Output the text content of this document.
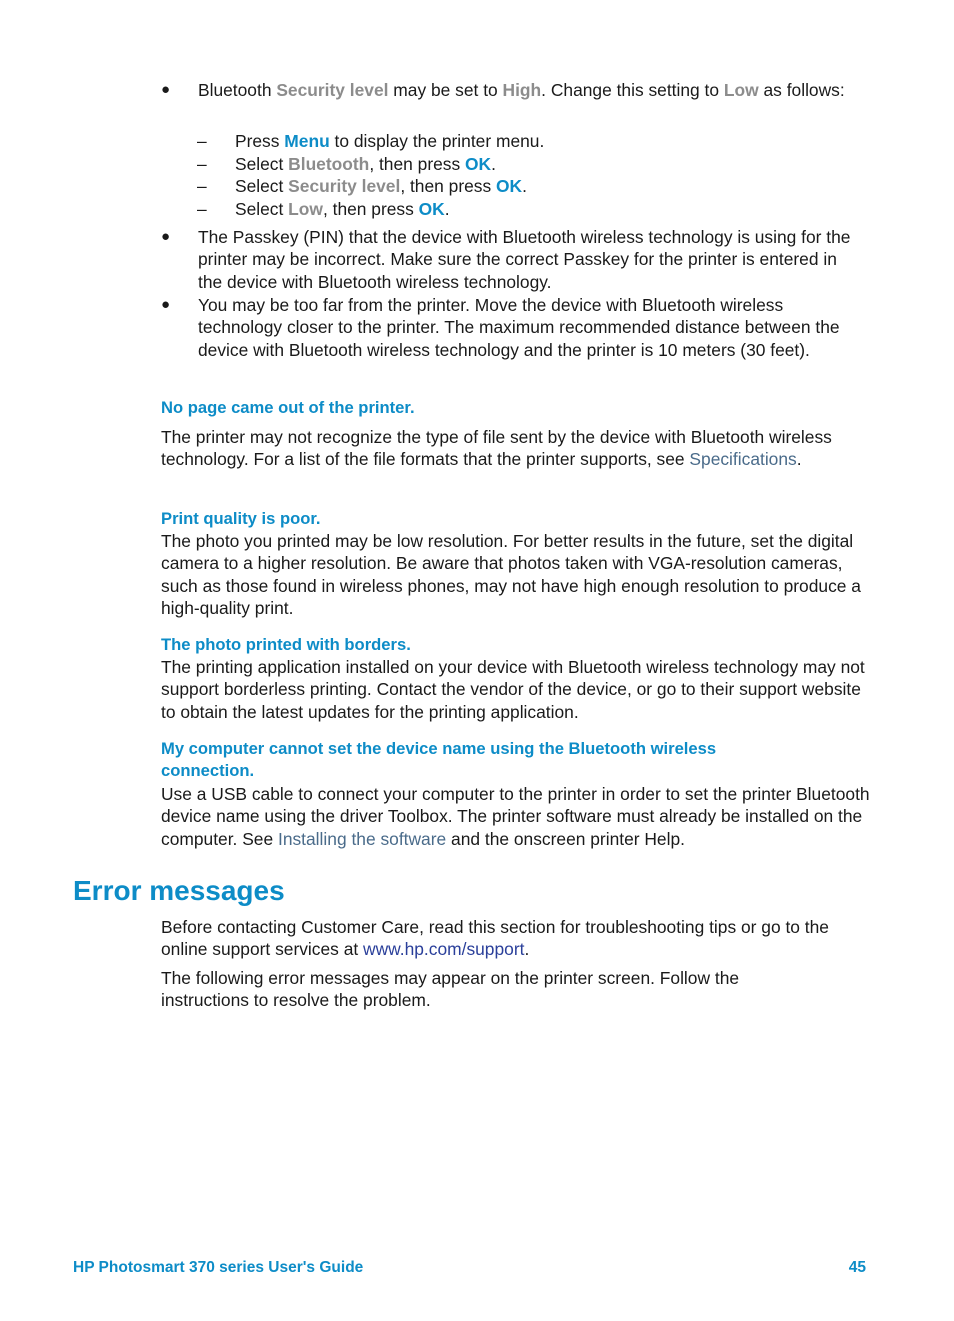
● Bluetooth Security level may be set to High. Change this setting to Low as follows:

– Press Menu to display the printer menu.

– Select Bluetooth, then press OK.

– Select Security level, then press OK.

– Select Low, then press OK.

● The Passkey (PIN) that the device with Bluetooth wireless technology is using for the printer may be incorrect. Make sure the correct Passkey for the printer is entered in the device with Bluetooth wireless technology.

● You may be too far from the printer. Move the device with Bluetooth wireless technology closer to the printer. The maximum recommended distance between the device with Bluetooth wireless technology and the printer is 10 meters (30 feet).

No page came out of the printer.

The printer may not recognize the type of file sent by the device with Bluetooth wireless technology. For a list of the file formats that the printer supports, see Specifications.

Print quality is poor.

The photo you printed may be low resolution. For better results in the future, set the digital camera to a higher resolution. Be aware that photos taken with VGA-resolution cameras, such as those found in wireless phones, may not have high enough resolution to produce a high-quality print.

The photo printed with borders.

The printing application installed on your device with Bluetooth wireless technology may not support borderless printing. Contact the vendor of the device, or go to their support website to obtain the latest updates for the printing application.

My computer cannot set the device name using the Bluetooth wireless connection.

Use a USB cable to connect your computer to the printer in order to set the printer Bluetooth device name using the driver Toolbox. The printer software must already be installed on the computer. See Installing the software and the onscreen printer Help.

Error messages

Before contacting Customer Care, read this section for troubleshooting tips or go to the online support services at www.hp.com/support.

The following error messages may appear on the printer screen. Follow the instructions to resolve the problem.

HP Photosmart 370 series User's Guide	45
